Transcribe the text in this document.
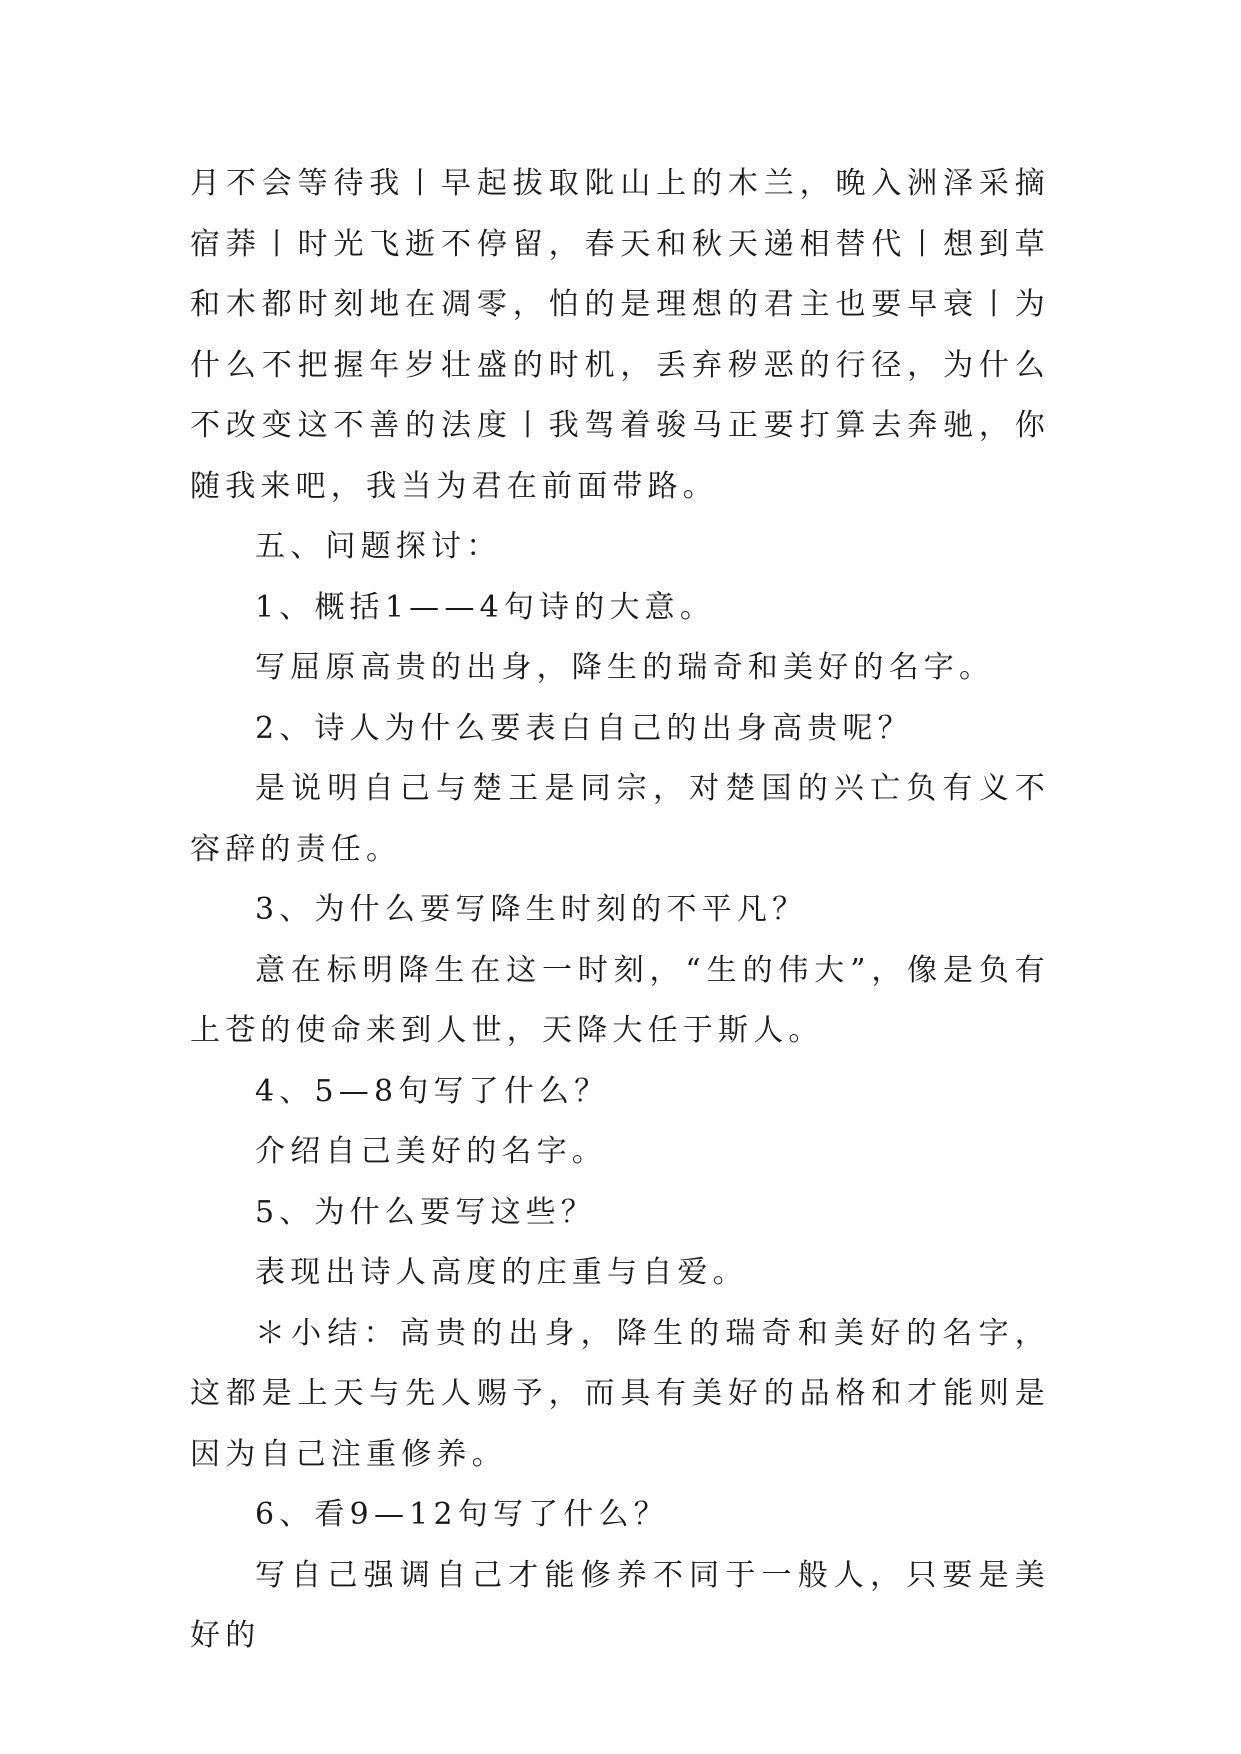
月不会等待我丨早起拔取阰山上的木兰，晚入洲泽采摘宿莽丨时光飞逝不停留，春天和秋天递相替代丨想到草和木都时刻地在凋零，怕的是理想的君主也要早衰丨为什么不把握年岁壮盛的时机，丢弃秽恶的行径，为什么不改变这不善的法度丨我驾着骏马正要打算去奔驰，你随我来吧，我当为君在前面带路。

五、问题探讨：

1、概括1——4句诗的大意。

写屈原高贵的出身，降生的瑞奇和美好的名字。

2、诗人为什么要表白自己的出身高贵呢？

是说明自己与楚王是同宗，对楚国的兴亡负有义不容辞的责任。

3、为什么要写降生时刻的不平凡？

意在标明降生在这一时刻，“生的伟大”，像是负有上苍的使命来到人世，天降大任于斯人。

4、5—8句写了什么？

介绍自己美好的名字。

5、为什么要写这些？

表现出诗人高度的庄重与自爱。

＊小结：高贵的出身，降生的瑞奇和美好的名字，这都是上天与先人赐予，而具有美好的品格和才能则是因为自己注重修养。

6、看9—12句写了什么？

写自己强调自己才能修养不同于一般人，只要是美好的
